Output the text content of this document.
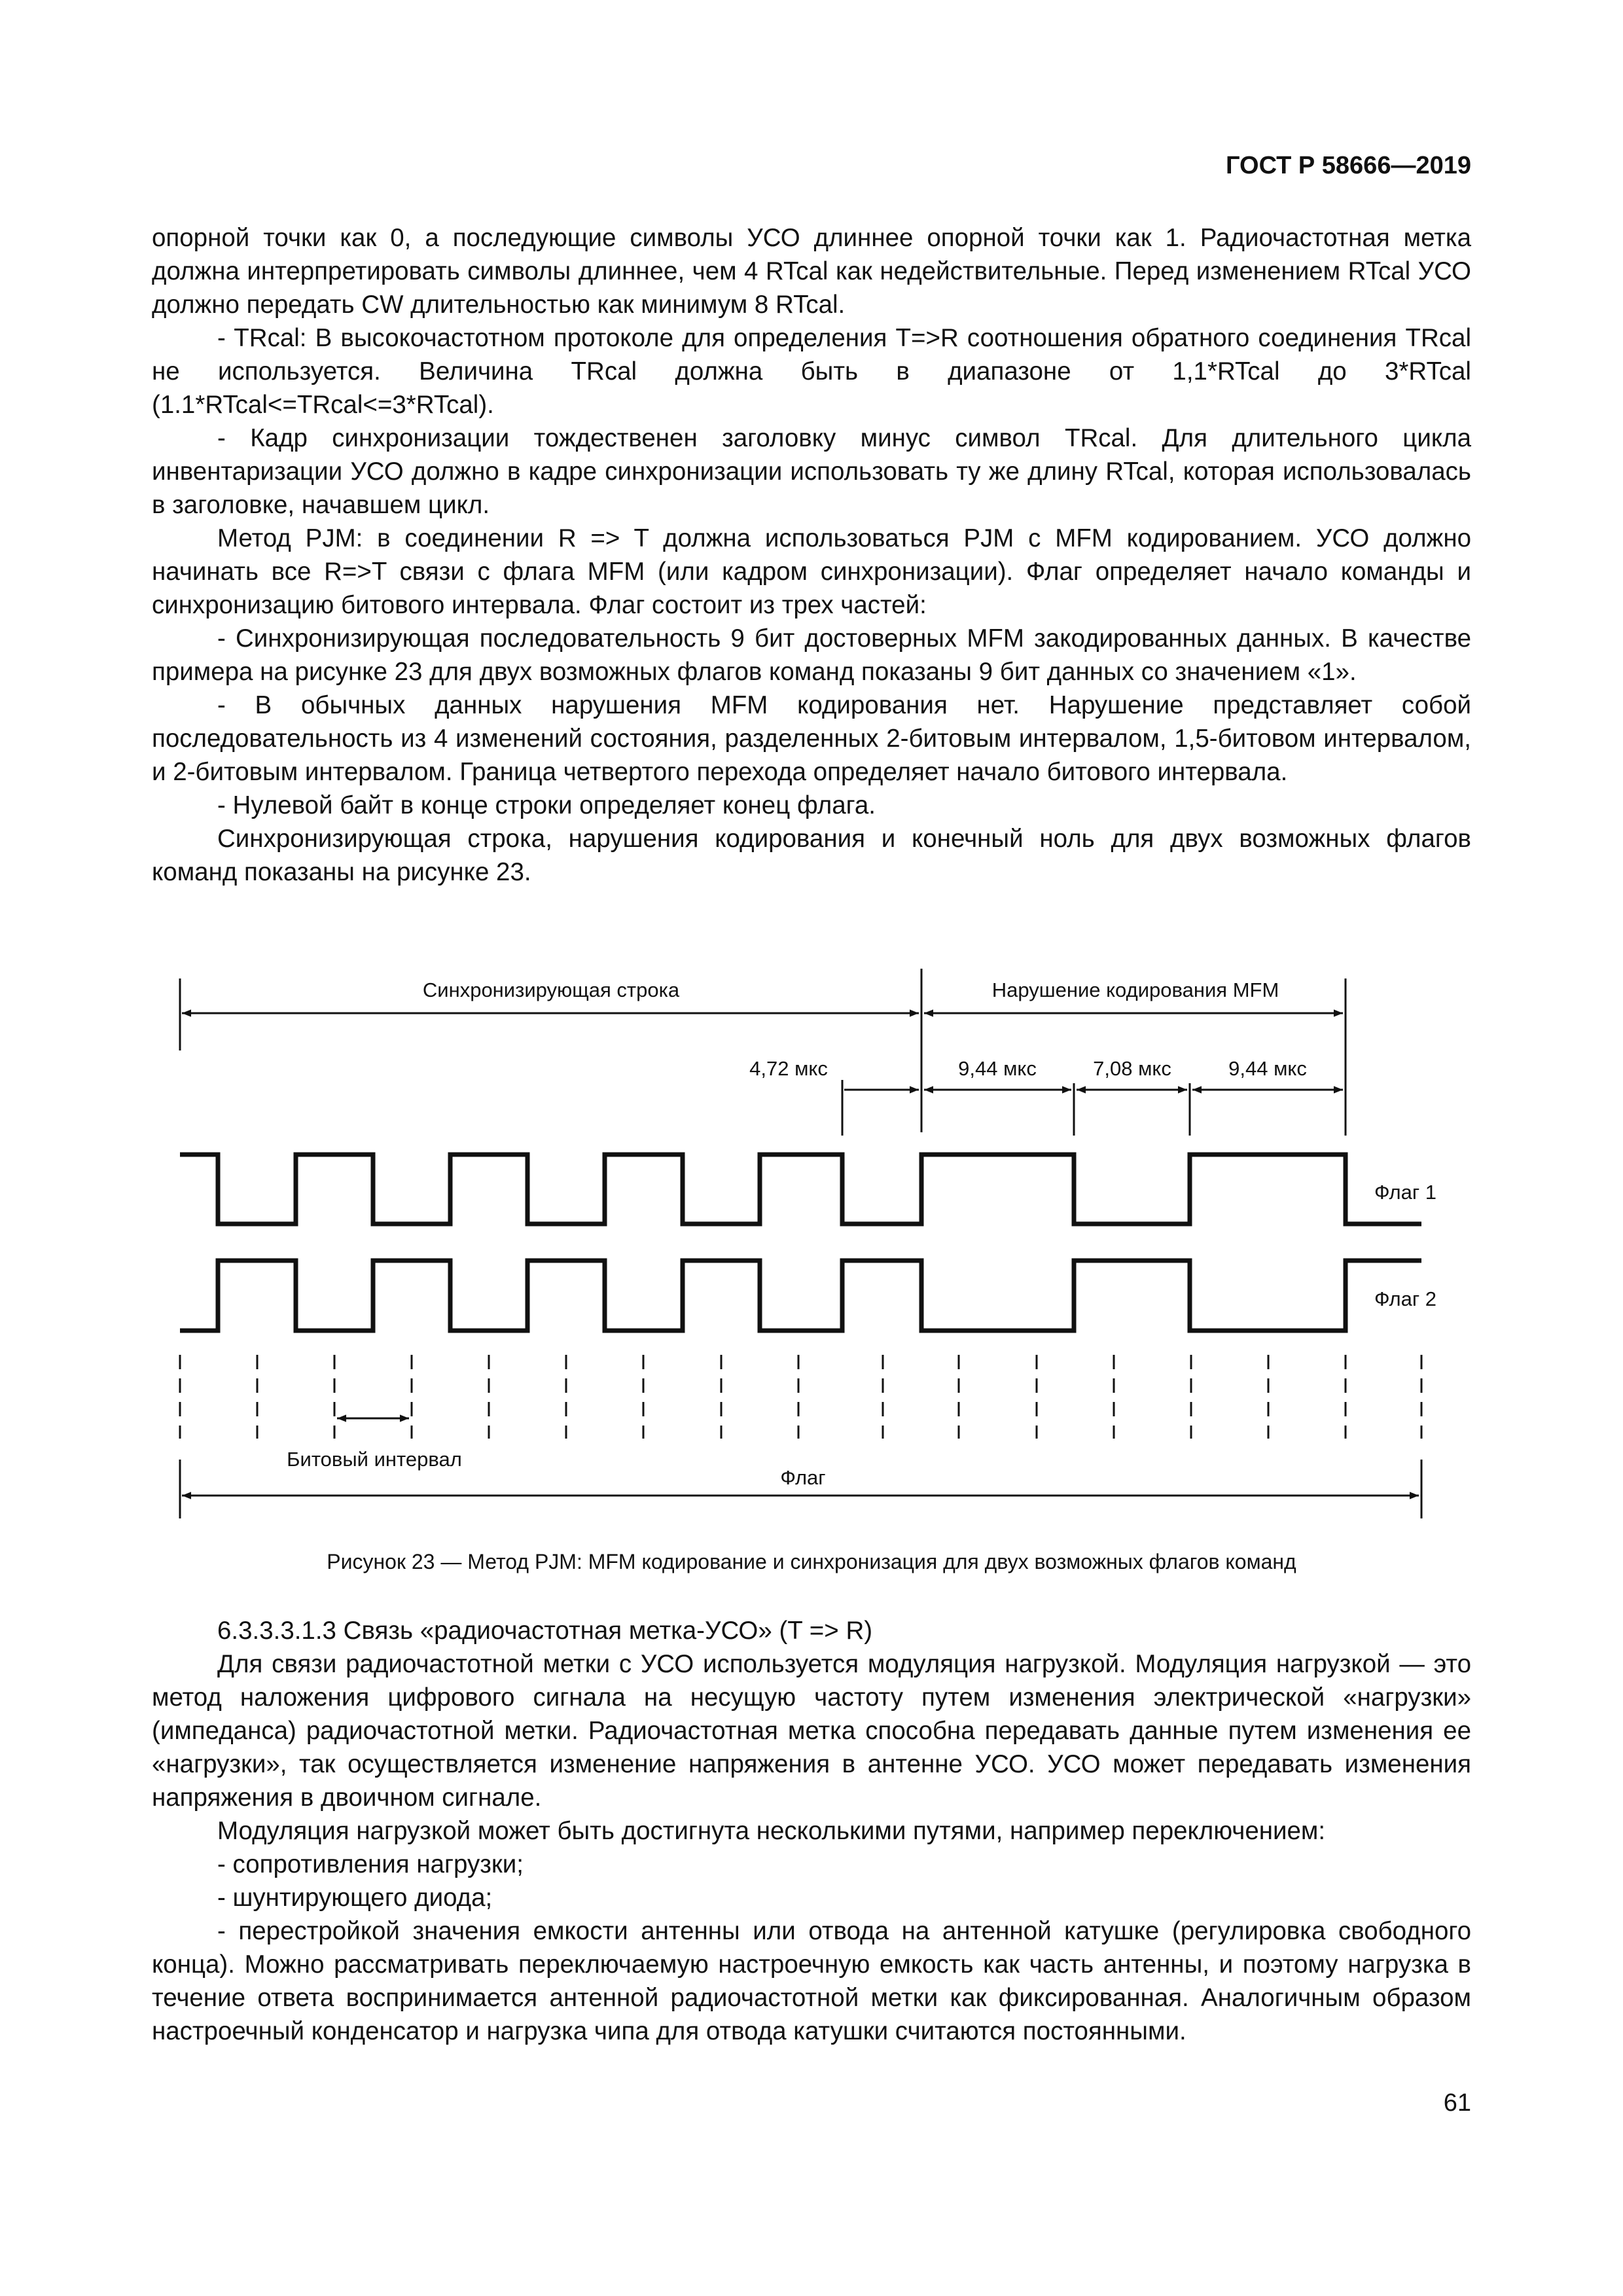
ГОСТ Р 58666—2019

опорной точки как 0, а последующие символы УСО длиннее опорной точки как 1. Радиочастотная метка должна интерпретировать символы длиннее, чем 4 RTcal как недействительные. Перед изменением RTcal УСО должно передать CW длительностью как минимум 8 RTcal.

- TRcal: В высокочастотном протоколе для определения T=>R соотношения обратного соединения TRcal не используется. Величина TRcal должна быть в диапазоне от 1,1*RTcal до 3*RTcal (1.1*RTcal<=TRcal<=3*RTcal).

- Кадр синхронизации тождественен заголовку минус символ TRcal. Для длительного цикла инвентаризации УСО должно в кадре синхронизации использовать ту же длину RTcal, которая использовалась в заголовке, начавшем цикл.

Метод PJM: в соединении R => T должна использоваться PJM с MFM кодированием. УСО должно начинать все R=>T связи с флага MFM (или кадром синхронизации). Флаг определяет начало команды и синхронизацию битового интервала. Флаг состоит из трех частей:

- Синхронизирующая последовательность 9 бит достоверных MFM закодированных данных. В качестве примера на рисунке 23 для двух возможных флагов команд показаны 9 бит данных со значением «1».

- В обычных данных нарушения MFM кодирования нет. Нарушение представляет собой последовательность из 4 изменений состояния, разделенных 2-битовым интервалом, 1,5-битовом интервалом, и 2-битовым интервалом. Граница четвертого перехода определяет начало битового интервала.

- Нулевой байт в конце строки определяет конец флага.

Синхронизирующая строка, нарушения кодирования и конечный ноль для двух возможных флагов команд показаны на рисунке 23.

Синхронизирующая строка	Нарушение кодирования MFM
4,72 мкс	9,44 мкс	7,08 мкс	9,44 мкс
Флаг 1
Флаг 2
Битовый интервал
Флаг
Рисунок 23 — Метод PJM: MFM кодирование и синхронизация для двух возможных флагов команд

6.3.3.3.1.3 Связь «радиочастотная метка-УСО» (T => R)

Для связи радиочастотной метки с УСО используется модуляция нагрузкой. Модуляция нагрузкой — это метод наложения цифрового сигнала на несущую частоту путем изменения электрической «нагрузки» (импеданса) радиочастотной метки. Радиочастотная метка способна передавать данные путем изменения ее «нагрузки», так осуществляется изменение напряжения в антенне УСО. УСО может передавать изменения напряжения в двоичном сигнале.

Модуляция нагрузкой может быть достигнута несколькими путями, например переключением:

- сопротивления нагрузки;

- шунтирующего диода;

- перестройкой значения емкости антенны или отвода на антенной катушке (регулировка свободного конца). Можно рассматривать переключаемую настроечную емкость как часть антенны, и поэтому нагрузка в течение ответа воспринимается антенной радиочастотной метки как фиксированная. Аналогичным образом настроечный конденсатор и нагрузка чипа для отвода катушки считаются постоянными.

61
